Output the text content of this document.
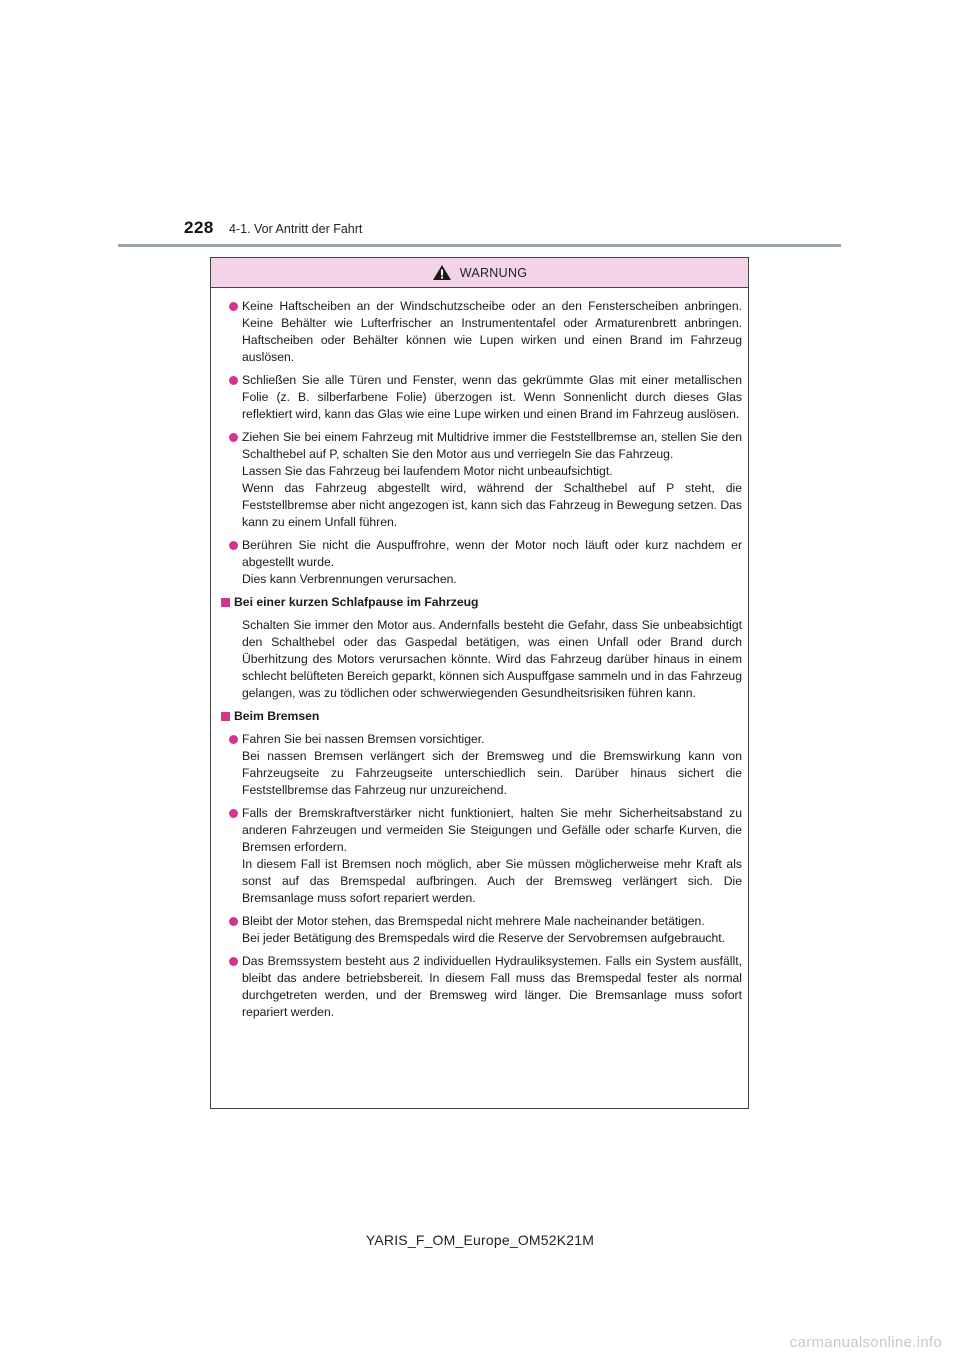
228 4-1. Vor Antritt der Fahrt
WARNUNG

Keine Haftscheiben an der Windschutzscheibe oder an den Fensterscheiben anbringen. Keine Behälter wie Lufterfrischer an Instrumententafel oder Armaturenbrett anbringen. Haftscheiben oder Behälter können wie Lupen wirken und einen Brand im Fahrzeug auslösen.

Schließen Sie alle Türen und Fenster, wenn das gekrümmte Glas mit einer metallischen Folie (z. B. silberfarbene Folie) überzogen ist. Wenn Sonnenlicht durch dieses Glas reflektiert wird, kann das Glas wie eine Lupe wirken und einen Brand im Fahrzeug auslösen.

Ziehen Sie bei einem Fahrzeug mit Multidrive immer die Feststellbremse an, stellen Sie den Schalthebel auf P, schalten Sie den Motor aus und verriegeln Sie das Fahrzeug.

Lassen Sie das Fahrzeug bei laufendem Motor nicht unbeaufsichtigt.

Wenn das Fahrzeug abgestellt wird, während der Schalthebel auf P steht, die Feststellbremse aber nicht angezogen ist, kann sich das Fahrzeug in Bewegung setzen. Das kann zu einem Unfall führen.

Berühren Sie nicht die Auspuffrohre, wenn der Motor noch läuft oder kurz nachdem er abgestellt wurde.

Dies kann Verbrennungen verursachen.

Bei einer kurzen Schlafpause im Fahrzeug

Schalten Sie immer den Motor aus. Andernfalls besteht die Gefahr, dass Sie unbeabsichtigt den Schalthebel oder das Gaspedal betätigen, was einen Unfall oder Brand durch Überhitzung des Motors verursachen könnte. Wird das Fahrzeug darüber hinaus in einem schlecht belüfteten Bereich geparkt, können sich Auspuffgase sammeln und in das Fahrzeug gelangen, was zu tödlichen oder schwerwiegenden Gesundheitsrisiken führen kann.

Beim Bremsen

Fahren Sie bei nassen Bremsen vorsichtiger.

Bei nassen Bremsen verlängert sich der Bremsweg und die Bremswirkung kann von Fahrzeugseite zu Fahrzeugseite unterschiedlich sein. Darüber hinaus sichert die Feststellbremse das Fahrzeug nur unzureichend.

Falls der Bremskraftverstärker nicht funktioniert, halten Sie mehr Sicherheitsabstand zu anderen Fahrzeugen und vermeiden Sie Steigungen und Gefälle oder scharfe Kurven, die Bremsen erfordern.

In diesem Fall ist Bremsen noch möglich, aber Sie müssen möglicherweise mehr Kraft als sonst auf das Bremspedal aufbringen. Auch der Bremsweg verlängert sich. Die Bremsanlage muss sofort repariert werden.

Bleibt der Motor stehen, das Bremspedal nicht mehrere Male nacheinander betätigen.

Bei jeder Betätigung des Bremspedals wird die Reserve der Servobremsen aufgebraucht.

Das Bremssystem besteht aus 2 individuellen Hydrauliksystemen. Falls ein System ausfällt, bleibt das andere betriebsbereit. In diesem Fall muss das Bremspedal fester als normal durchgetreten werden, und der Bremsweg wird länger. Die Bremsanlage muss sofort repariert werden.

YARIS_F_OM_Europe_OM52K21M
carmanualsonline.info
